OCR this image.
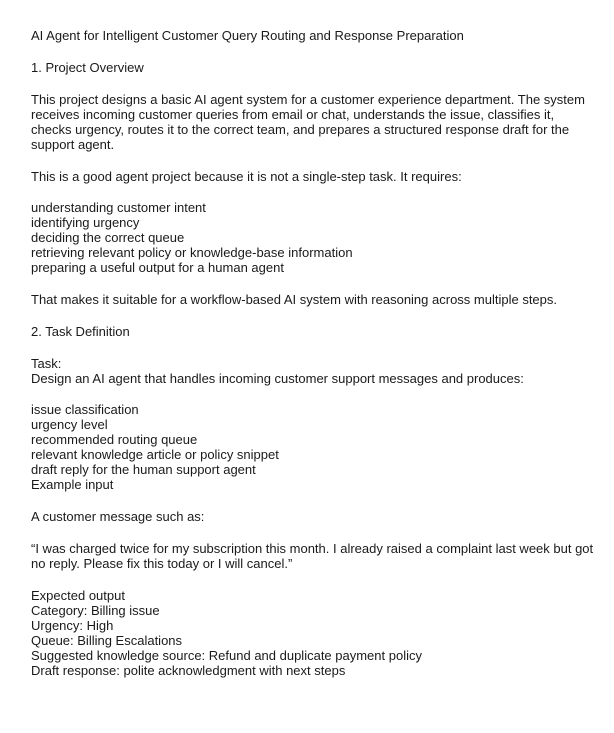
AI Agent for Intelligent Customer Query Routing and Response Preparation

1. Project Overview

This project designs a basic AI agent system for a customer experience department. The system receives incoming customer queries from email or chat, understands the issue, classifies it, checks urgency, routes it to the correct team, and prepares a structured response draft for the support agent.

This is a good agent project because it is not a single-step task. It requires:

understanding customer intent
identifying urgency
deciding the correct queue
retrieving relevant policy or knowledge-base information
preparing a useful output for a human agent

That makes it suitable for a workflow-based AI system with reasoning across multiple steps.

2. Task Definition

Task:

Design an AI agent that handles incoming customer support messages and produces:

issue classification
urgency level
recommended routing queue
relevant knowledge article or policy snippet
draft reply for the human support agent
Example input

A customer message such as:

“I was charged twice for my subscription this month. I already raised a complaint last week but got no reply. Please fix this today or I will cancel.”

Expected output

Category: Billing issue
Urgency: High
Queue: Billing Escalations
Suggested knowledge source: Refund and duplicate payment policy
Draft response: polite acknowledgment with next steps
